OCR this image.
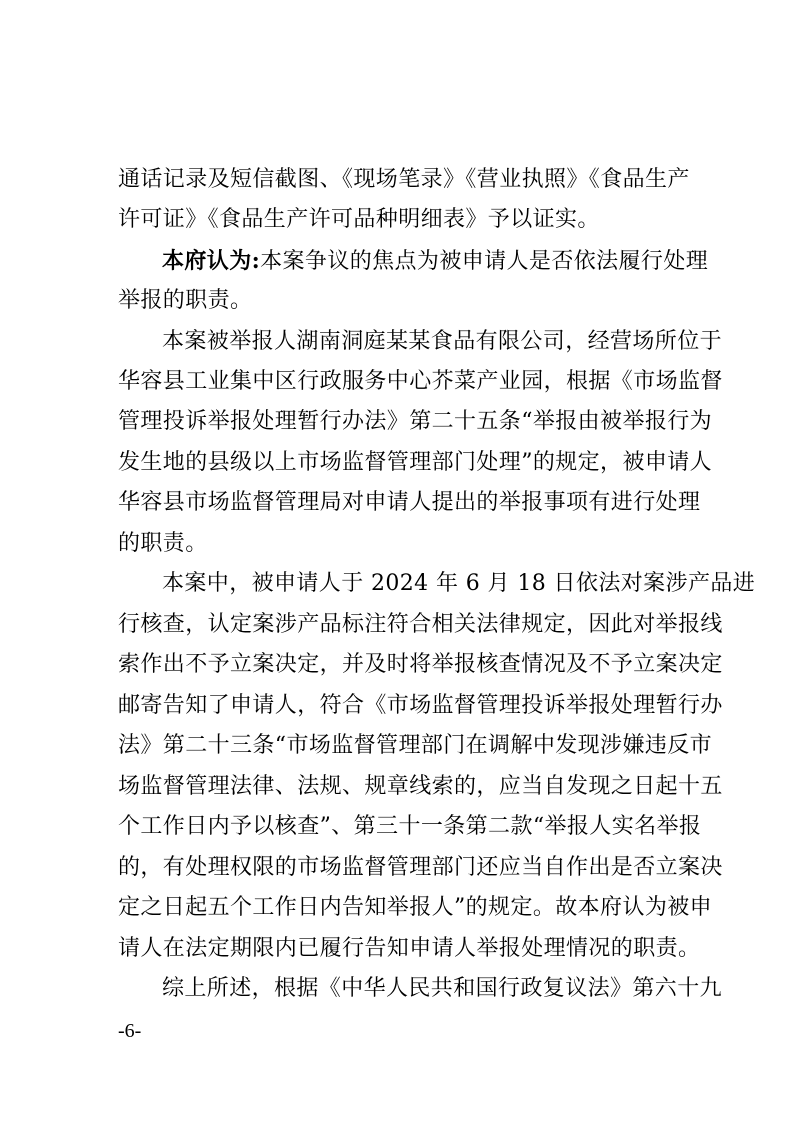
通话记录及短信截图、《现场笔录》《营业执照》《食品生产
许可证》《食品生产许可品种明细表》予以证实。
本府认为:本案争议的焦点为被申请人是否依法履行处理
举报的职责。
本案被举报人湖南洞庭某某食品有限公司，经营场所位于
华容县工业集中区行政服务中心芥菜产业园，根据《市场监督
管理投诉举报处理暂行办法》第二十五条“举报由被举报行为
发生地的县级以上市场监督管理部门处理”的规定，被申请人
华容县市场监督管理局对申请人提出的举报事项有进行处理
的职责。
本案中，被申请人于 2024 年 6 月 18 日依法对案涉产品进
行核查，认定案涉产品标注符合相关法律规定，因此对举报线
索作出不予立案决定，并及时将举报核查情况及不予立案决定
邮寄告知了申请人，符合《市场监督管理投诉举报处理暂行办
法》第二十三条“市场监督管理部门在调解中发现涉嫌违反市
场监督管理法律、法规、规章线索的，应当自发现之日起十五
个工作日内予以核查”、第三十一条第二款“举报人实名举报
的，有处理权限的市场监督管理部门还应当自作出是否立案决
定之日起五个工作日内告知举报人”的规定。故本府认为被申
请人在法定期限内已履行告知申请人举报处理情况的职责。
综上所述，根据《中华人民共和国行政复议法》第六十九
-6-
